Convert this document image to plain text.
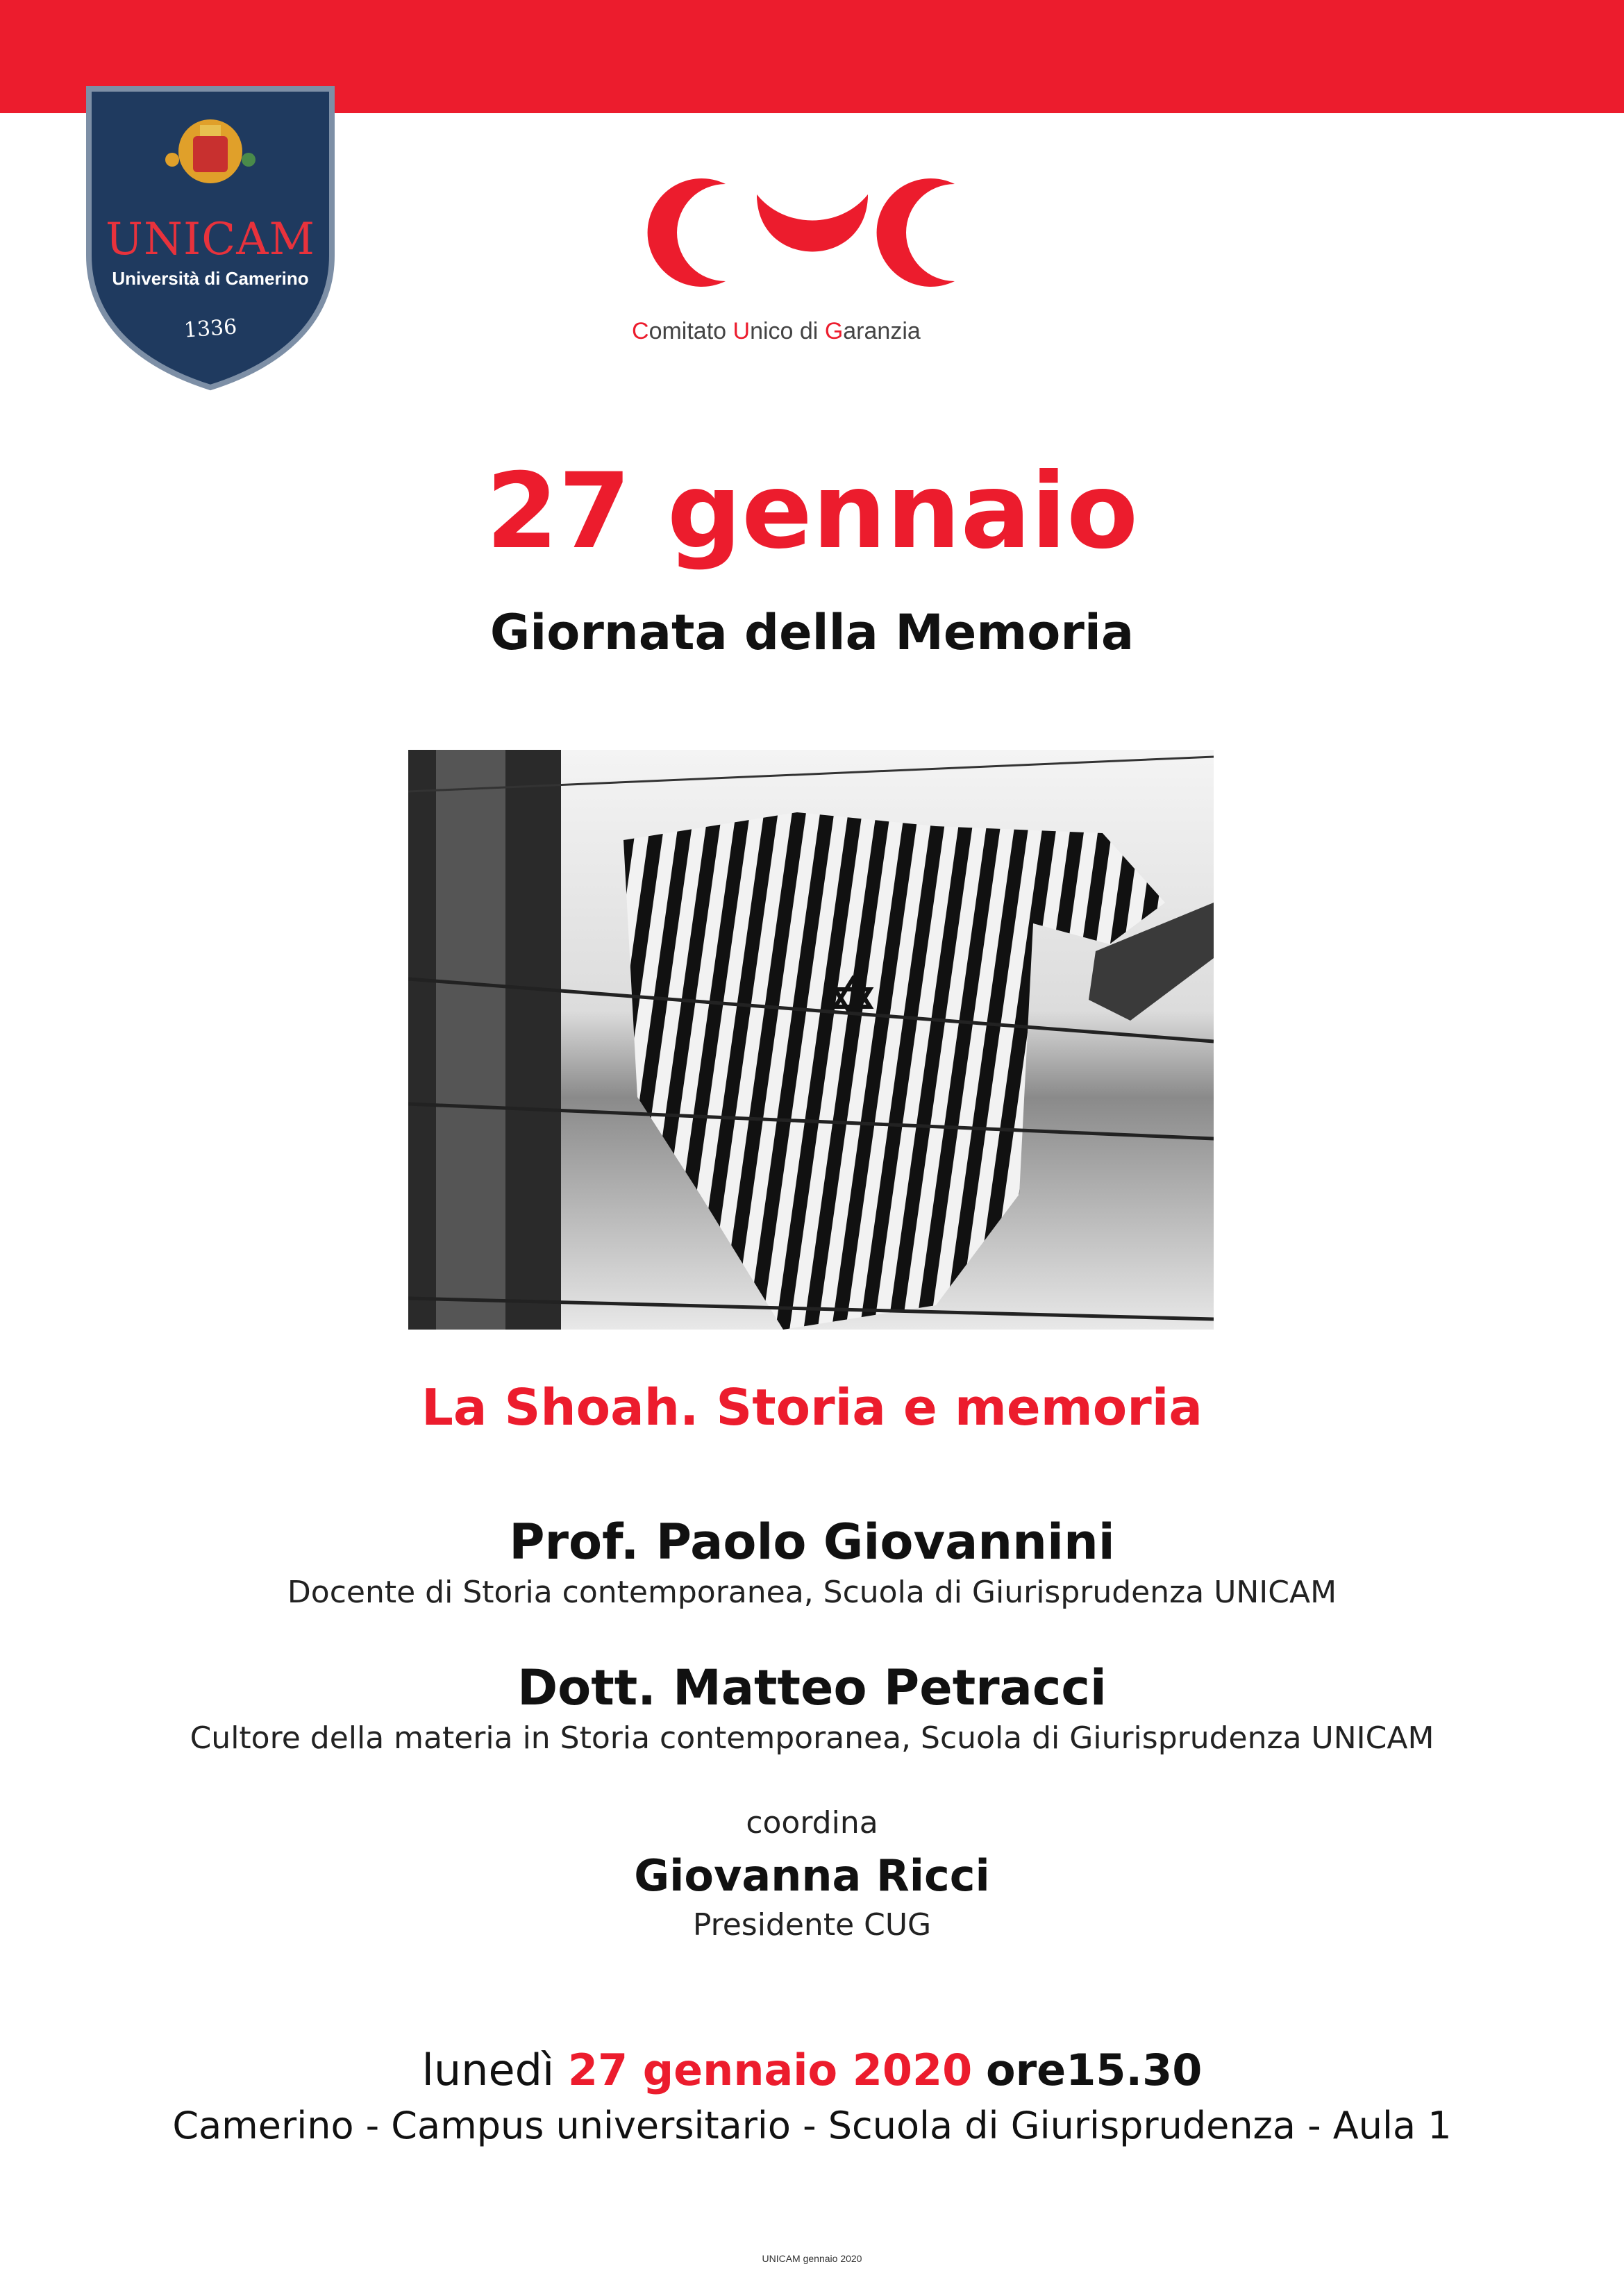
UNICAM
Università di Camerino
1336	Comitato Unico di Garanzia
27 gennaio
Giornata della Memoria
La Shoah. Storia e memoria
Prof. Paolo Giovannini
Docente di Storia contemporanea, Scuola di Giurisprudenza UNICAM
Dott. Matteo Petracci
Cultore della materia in Storia contemporanea, Scuola di Giurisprudenza UNICAM
coordina
Giovanna Ricci
Presidente CUG
lunedì 27 gennaio 2020 ore15.30
Camerino - Campus universitario - Scuola di Giurisprudenza - Aula 1
UNICAM gennaio 2020
